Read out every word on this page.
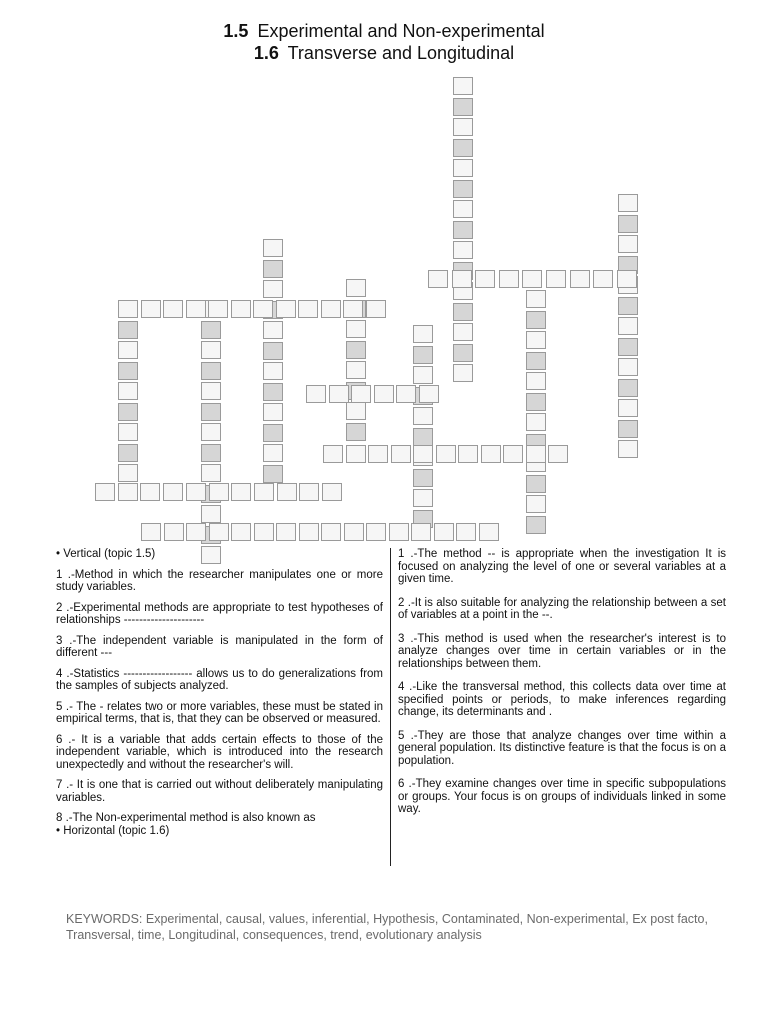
1.5 Experimental and Non-experimental
1.6 Transverse and Longitudinal

• Vertical (topic 1.5)

1 .-Method in which the researcher manipulates one or more study variables.

2 .-Experimental methods are appropriate to test hypotheses of relationships ---------------------

3 .-The independent variable is manipulated in the form of different ---

4 .-Statistics ------------------ allows us to do generalizations from the samples of subjects analyzed.

5 .- The - relates two or more variables, these must be stated in empirical terms, that is, that they can be observed or measured.

6 .- It is a variable that adds certain effects to those of the independent variable, which is introduced into the research unexpectedly and without the researcher's will.

7 .- It is one that is carried out without deliberately manipulating variables.

8 .-The Non-experimental method is also known as

• Horizontal (topic 1.6)

1 .-The method -- is appropriate when the investigation It is focused on analyzing the level of one or several variables at a given time.

2 .-It is also suitable for analyzing the relationship between a set of variables at a point in the --.

3 .-This method is used when the researcher's interest is to analyze changes over time in certain variables or in the relationships between them.

4 .-Like the transversal method, this collects data over time at specified points or periods, to make inferences regarding change, its determinants and .

5 .-They are those that analyze changes over time within a general population. Its distinctive feature is that the focus is on a population.

6 .-They examine changes over time in specific subpopulations or groups. Your focus is on groups of individuals linked in some way.

KEYWORDS: Experimental, causal, values, inferential, Hypothesis, Contaminated, Non-experimental, Ex post facto, Transversal, time, Longitudinal, consequences, trend, evolutionary analysis
